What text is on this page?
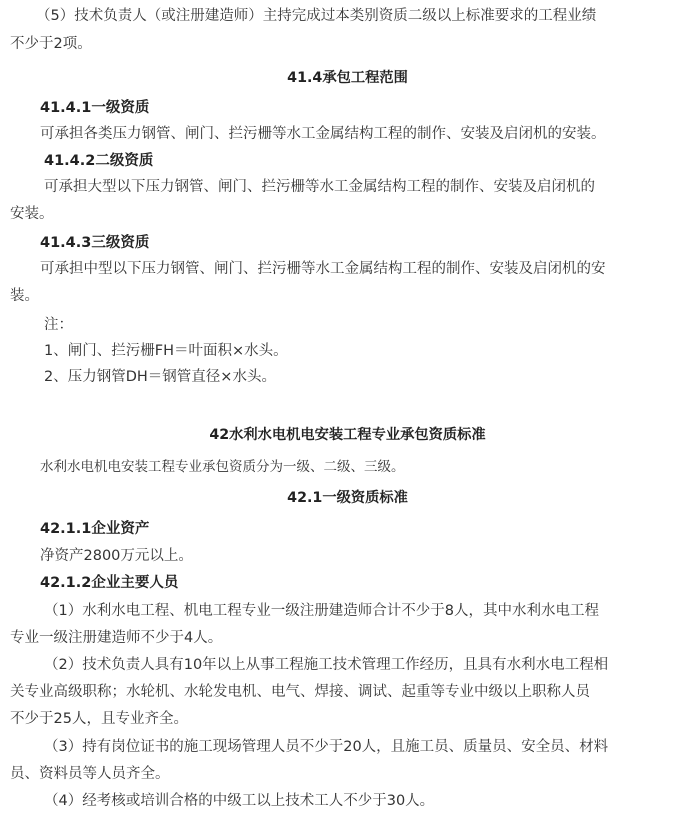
（5）技术负责人（或注册建造师）主持完成过本类别资质二级以上标准要求的工程业绩
不少于2项。
41.4承包工程范围
41.4.1一级资质
可承担各类压力钢管、闸门、拦污栅等水工金属结构工程的制作、安装及启闭机的安装。
41.4.2二级资质
可承担大型以下压力钢管、闸门、拦污栅等水工金属结构工程的制作、安装及启闭机的
安装。
41.4.3三级资质
可承担中型以下压力钢管、闸门、拦污栅等水工金属结构工程的制作、安装及启闭机的安
装。
注：
1、闸门、拦污栅FH＝叶面积×水头。
2、压力钢管DH＝钢管直径×水头。
42水利水电机电安装工程专业承包资质标准
水利水电机电安装工程专业承包资质分为一级、二级、三级。
42.1一级资质标准
42.1.1企业资产
净资产2800万元以上。
42.1.2企业主要人员
（1）水利水电工程、机电工程专业一级注册建造师合计不少于8人，其中水利水电工程
专业一级注册建造师不少于4人。
（2）技术负责人具有10年以上从事工程施工技术管理工作经历，且具有水利水电工程相
关专业高级职称；水轮机、水轮发电机、电气、焊接、调试、起重等专业中级以上职称人员
不少于25人，且专业齐全。
（3）持有岗位证书的施工现场管理人员不少于20人，且施工员、质量员、安全员、材料
员、资料员等人员齐全。
（4）经考核或培训合格的中级工以上技术工人不少于30人。
